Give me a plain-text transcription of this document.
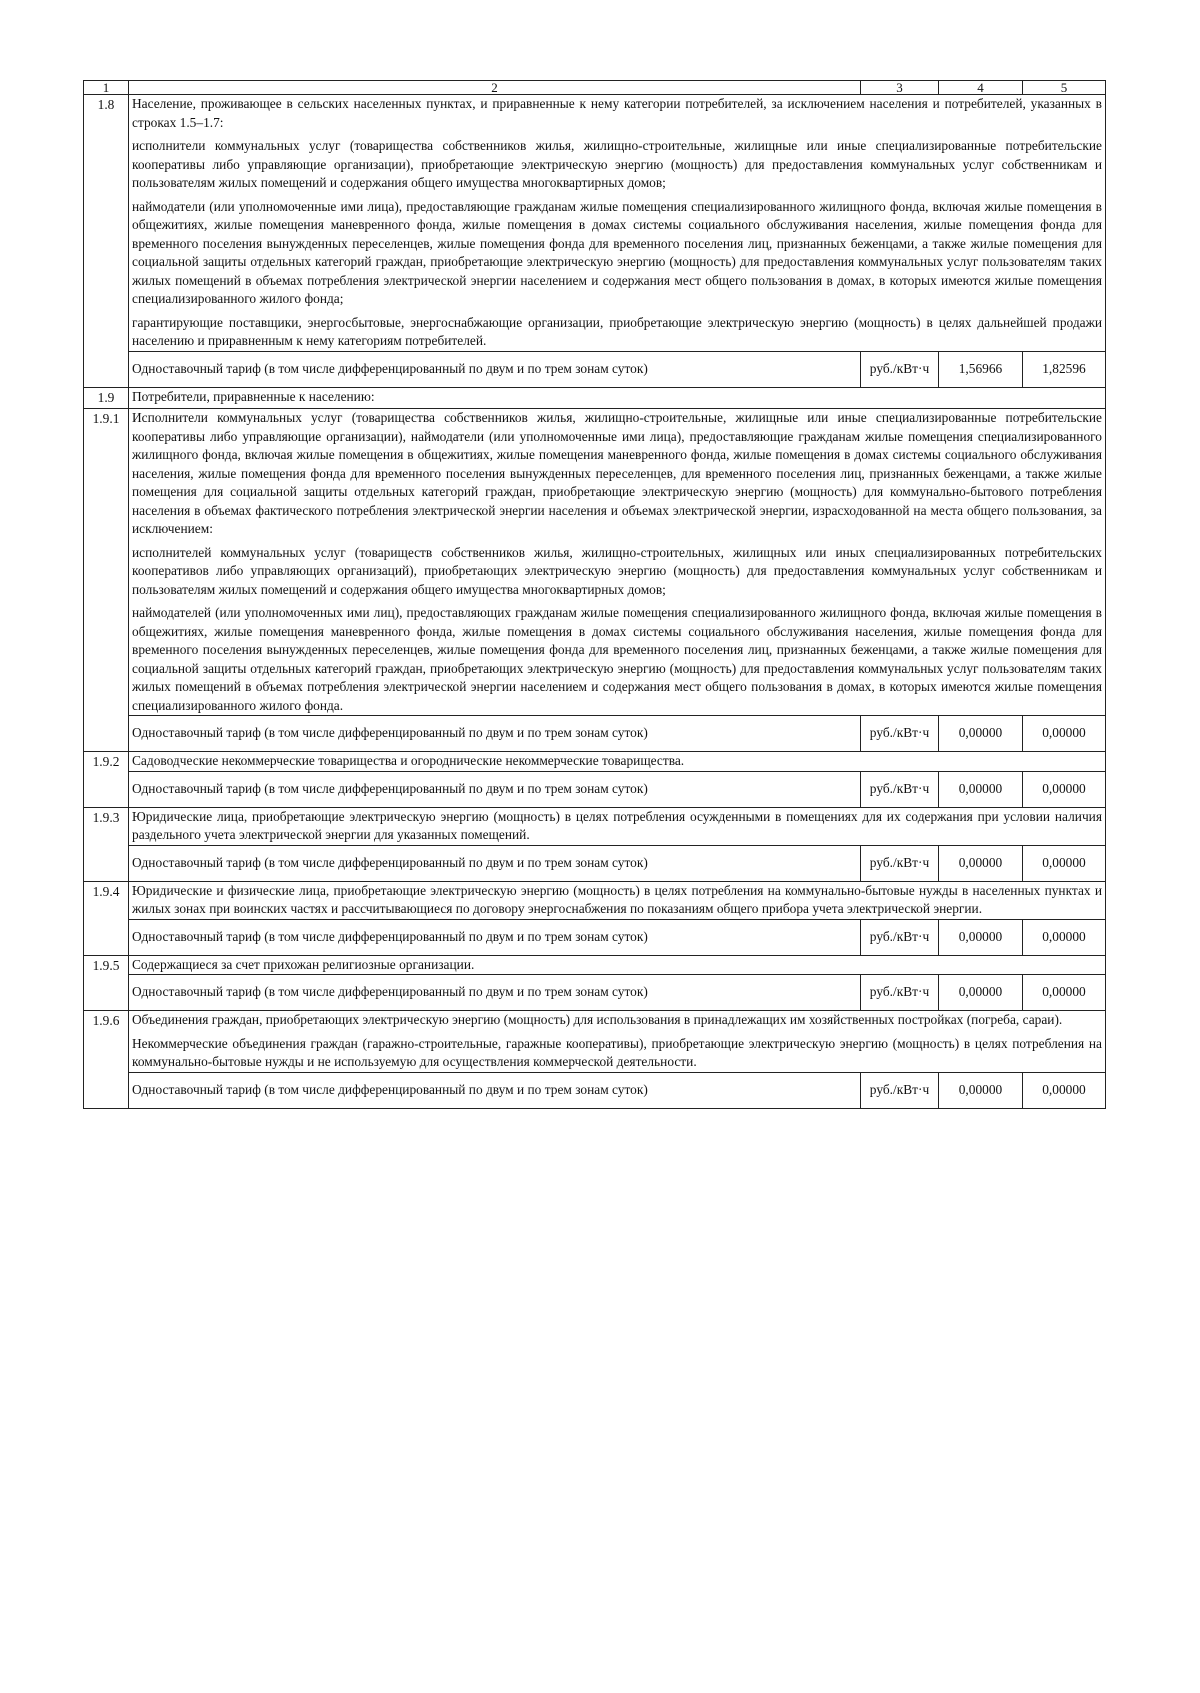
1	2	3	4	5
1.8	Население, проживающее в сельских населенных пунктах, и приравненные к нему категории потребителей, за исключением населения и потребителей, указанных в строках 1.5–1.7:

исполнители коммунальных услуг (товарищества собственников жилья, жилищно-строительные, жилищные или иные специализированные потребительские кооперативы либо управляющие организации), приобретающие электрическую энергию (мощность) для предоставления коммунальных услуг собственникам и пользователям жилых помещений и содержания общего имущества многоквартирных домов;

наймодатели (или уполномоченные ими лица), предоставляющие гражданам жилые помещения специализированного жилищного фонда, включая жилые помещения в общежитиях, жилые помещения маневренного фонда, жилые помещения в домах системы социального обслуживания населения, жилые помещения фонда для временного поселения вынужденных переселенцев, жилые помещения фонда для временного поселения лиц, признанных беженцами, а также жилые помещения для социальной защиты отдельных категорий граждан, приобретающие электрическую энергию (мощность) для предоставления коммунальных услуг пользователям таких жилых помещений в объемах потребления электрической энергии населением и содержания мест общего пользования в домах, в которых имеются жилые помещения специализированного жилого фонда;

гарантирующие поставщики, энергосбытовые, энергоснабжающие организации, приобретающие электрическую энергию (мощность) в целях дальнейшей продажи населению и приравненным к нему категориям потребителей.			

	Одноставочный тариф (в том числе дифференцированный по двум и по трем зонам суток)	руб./кВт·ч	1,56966	1,82596
1.9	Потребители, приравненные к населению:			

1.9.1	Исполнители коммунальных услуг (товарищества собственников жилья, жилищно-строительные, жилищные или иные специализированные потребительские кооперативы либо управляющие организации), наймодатели (или уполномоченные ими лица), предоставляющие гражданам жилые помещения специализированного жилищного фонда, включая жилые помещения в общежитиях, жилые помещения маневренного фонда, жилые помещения в домах системы социального обслуживания населения, жилые помещения фонда для временного поселения вынужденных переселенцев, для временного поселения лиц, признанных беженцами, а также жилые помещения для социальной защиты отдельных категорий граждан, приобретающие электрическую энергию (мощность) для коммунально-бытового потребления населения в объемах фактического потребления электрической энергии населения и объемах электрической энергии, израсходованной на места общего пользования, за исключением:

исполнителей коммунальных услуг (товариществ собственников жилья, жилищно-строительных, жилищных или иных специализированных потребительских кооперативов либо управляющих организаций), приобретающих электрическую энергию (мощность) для предоставления коммунальных услуг собственникам и пользователям жилых помещений и содержания общего имущества многоквартирных домов;

наймодателей (или уполномоченных ими лиц), предоставляющих гражданам жилые помещения специализированного жилищного фонда, включая жилые помещения в общежитиях, жилые помещения маневренного фонда, жилые помещения в домах системы социального обслуживания населения, жилые помещения фонда для временного поселения вынужденных переселенцев, жилые помещения фонда для временного поселения лиц, признанных беженцами, а также жилые помещения для социальной защиты отдельных категорий граждан, приобретающих электрическую энергию (мощность) для предоставления коммунальных услуг пользователям таких жилых помещений в объемах потребления электрической энергии населением и содержания мест общего пользования в домах, в которых имеются жилые помещения специализированного жилого фонда.			

	Одноставочный тариф (в том числе дифференцированный по двум и по трем зонам суток)	руб./кВт·ч	0,00000	0,00000
1.9.2	Садоводческие некоммерческие товарищества и огороднические некоммерческие товарищества.			

	Одноставочный тариф (в том числе дифференцированный по двум и по трем зонам суток)	руб./кВт·ч	0,00000	0,00000
1.9.3	Юридические лица, приобретающие электрическую энергию (мощность) в целях потребления осужденными в помещениях для их содержания при условии наличия раздельного учета электрической энергии для указанных помещений.			

	Одноставочный тариф (в том числе дифференцированный по двум и по трем зонам суток)	руб./кВт·ч	0,00000	0,00000
1.9.4	Юридические и физические лица, приобретающие электрическую энергию (мощность) в целях потребления на коммунально-бытовые нужды в населенных пунктах и жилых зонах при воинских частях и рассчитывающиеся по договору энергоснабжения по показаниям общего прибора учета электрической энергии.			

	Одноставочный тариф (в том числе дифференцированный по двум и по трем зонам суток)	руб./кВт·ч	0,00000	0,00000
1.9.5	Содержащиеся за счет прихожан религиозные организации.			

	Одноставочный тариф (в том числе дифференцированный по двум и по трем зонам суток)	руб./кВт·ч	0,00000	0,00000
1.9.6	Объединения граждан, приобретающих электрическую энергию (мощность) для использования в принадлежащих им хозяйственных постройках (погреба, сараи).

Некоммерческие объединения граждан (гаражно-строительные, гаражные кооперативы), приобретающие электрическую энергию (мощность) в целях потребления на коммунально-бытовые нужды и не используемую для осуществления коммерческой деятельности.			

	Одноставочный тариф (в том числе дифференцированный по двум и по трем зонам суток)	руб./кВт·ч	0,00000	0,00000
